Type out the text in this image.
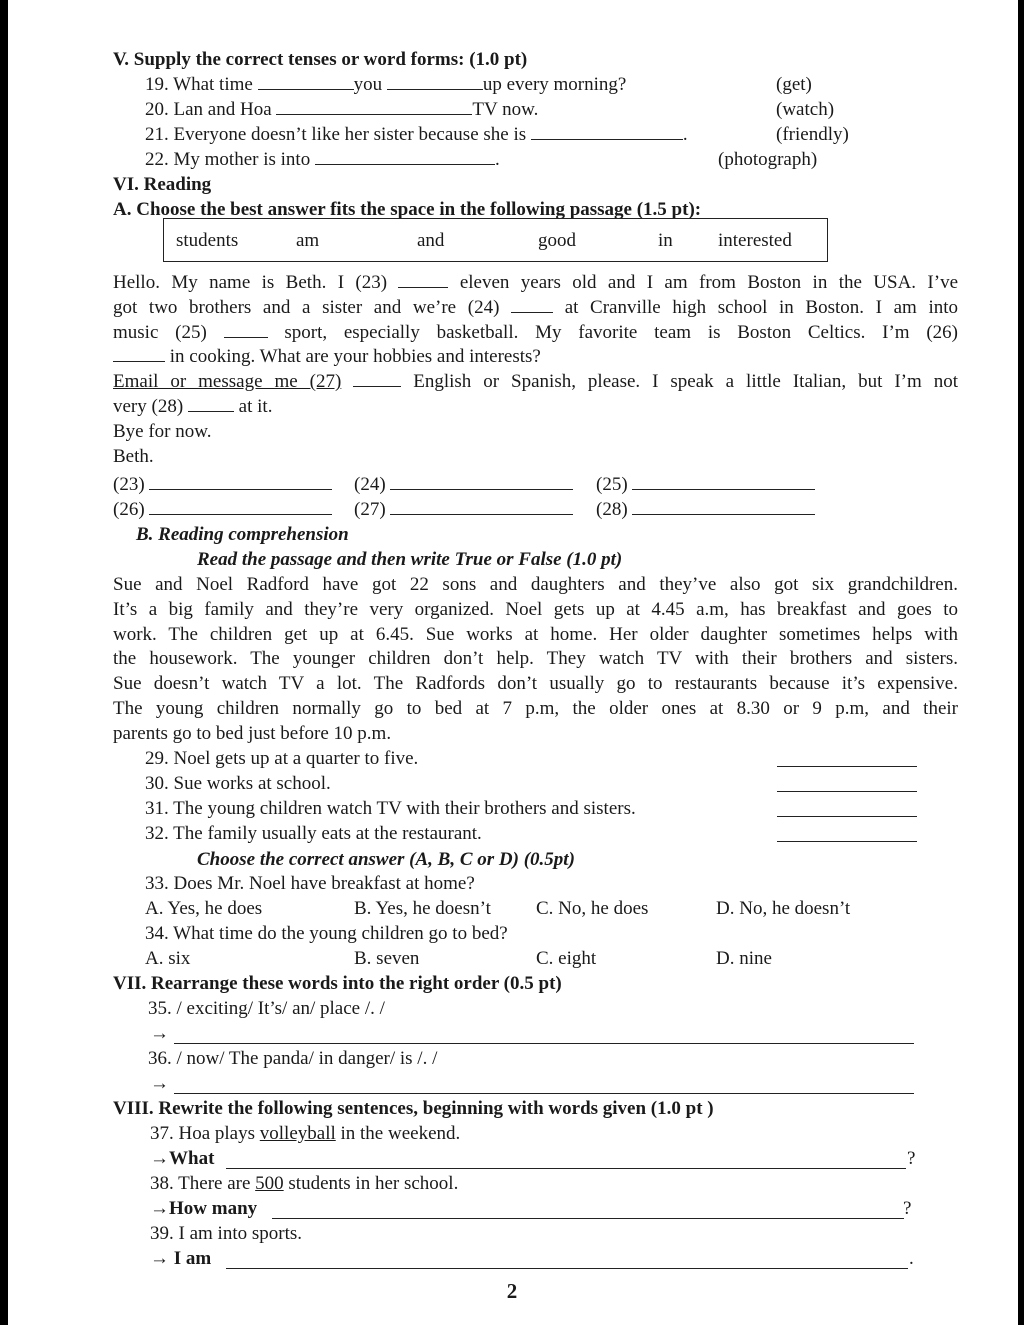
V. Supply the correct tenses or word forms: (1.0 pt)
19. What time	you	up every morning?	(get)
20. Lan and Hoa	TV now.	(watch)
21. Everyone doesn’t like her sister because she is	.	(friendly)
22. My mother is into	.	(photograph)
VI. Reading
A. Choose the best answer fits the space in the following passage (1.5 pt):
students	am	and	good	in interested

Hello. My name is Beth. I (23)	eleven years old and I am from Boston in the USA. I’ve

got two brothers and a sister and we’re (24)	at Cranville high school in Boston. I am into

music (25)	sport, especially basketball. My favorite team is Boston Celtics. I’m (26)

in cooking. What are your hobbies and interests?

Email or message me (27)	English or Spanish, please. I speak a little Italian, but I’m not

very (28)	at it.

Bye for now.

Beth.

(23)	(24)	(25)
(26)	(27)	(28)
B. Reading comprehension
Read the passage and then write True or False (1.0 pt)

Sue and Noel Radford have got 22 sons and daughters and they’ve also got six grandchildren.

It’s a big family and they’re very organized. Noel gets up at 4.45 a.m, has breakfast and goes to

work. The children get up at 6.45. Sue works at home. Her older daughter sometimes helps with

the housework. The younger children don’t help. They watch TV with their brothers and sisters.

Sue doesn’t watch TV a lot. The Radfords don’t usually go to restaurants because it’s expensive.

The young children normally go to bed at 7 p.m, the older ones at 8.30 or 9 p.m, and their

parents go to bed just before 10 p.m.

29. Noel gets up at a quarter to five.
30. Sue works at school.
31. The young children watch TV with their brothers and sisters.
32. The family usually eats at the restaurant.
Choose the correct answer (A, B, C or D) (0.5pt)
33. Does Mr. Noel have breakfast at home?
A. Yes, he does	B. Yes, he doesn’t C. No, he does	D. No, he doesn’t
34. What time do the young children go to bed?
A. six	B. seven	C. eight	D. nine
VII. Rearrange these words into the right order (0.5 pt)
35. / exciting/ It’s/ an/ place /. /
→
36. / now/ The panda/ in danger/ is /. /
→
VIII. Rewrite the following sentences, beginning with words given (1.0 pt )
37. Hoa plays volleyball in the weekend.
→What	?
38. There are 500 students in her school.
→How many	?
39. I am into sports.
→ I am	.
2
